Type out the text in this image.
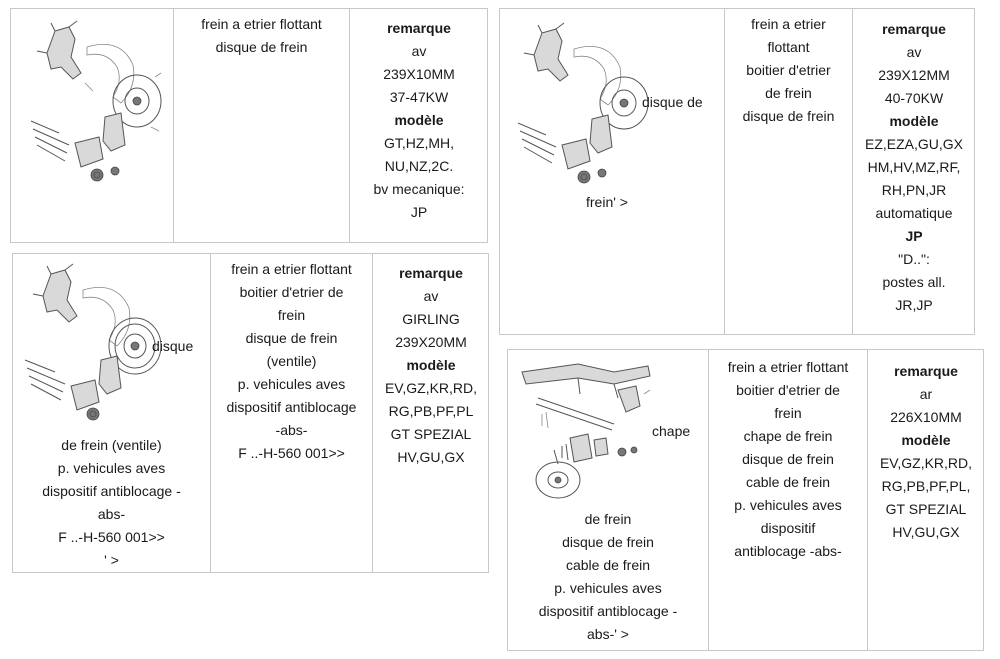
frein a etrier flottant
disque de frein
remarque
av
239X10MM
37-47KW
modèle
GT,HZ,MH,
NU,NZ,2C.
bv mecanique:
JP
disque de
frein' >
frein a etrier
flottant
boitier d'etrier
de frein
disque de frein
remarque
av
239X12MM
40-70KW
modèle
EZ,EZA,GU,GX
HM,HV,MZ,RF,
RH,PN,JR
automatique
JP
"D..":
postes all.
JR,JP
disque
de frein (ventile)
p. vehicules aves
dispositif antiblocage -
abs-
F ..-H-560 001>>
' >
frein a etrier flottant
boitier d'etrier de
frein
disque de frein
(ventile)
p. vehicules aves
dispositif antiblocage
-abs-
F ..-H-560 001>>
remarque
av
GIRLING
239X20MM
modèle
EV,GZ,KR,RD,
RG,PB,PF,PL
GT SPEZIAL
HV,GU,GX
chape
de frein
disque de frein
cable de frein
p. vehicules aves
dispositif antiblocage -
abs-' >
frein a etrier flottant
boitier d'etrier de
frein
chape de frein
disque de frein
cable de frein
p. vehicules aves
dispositif
antiblocage -abs-
remarque
ar
226X10MM
modèle
EV,GZ,KR,RD,
RG,PB,PF,PL,
GT SPEZIAL
HV,GU,GX
